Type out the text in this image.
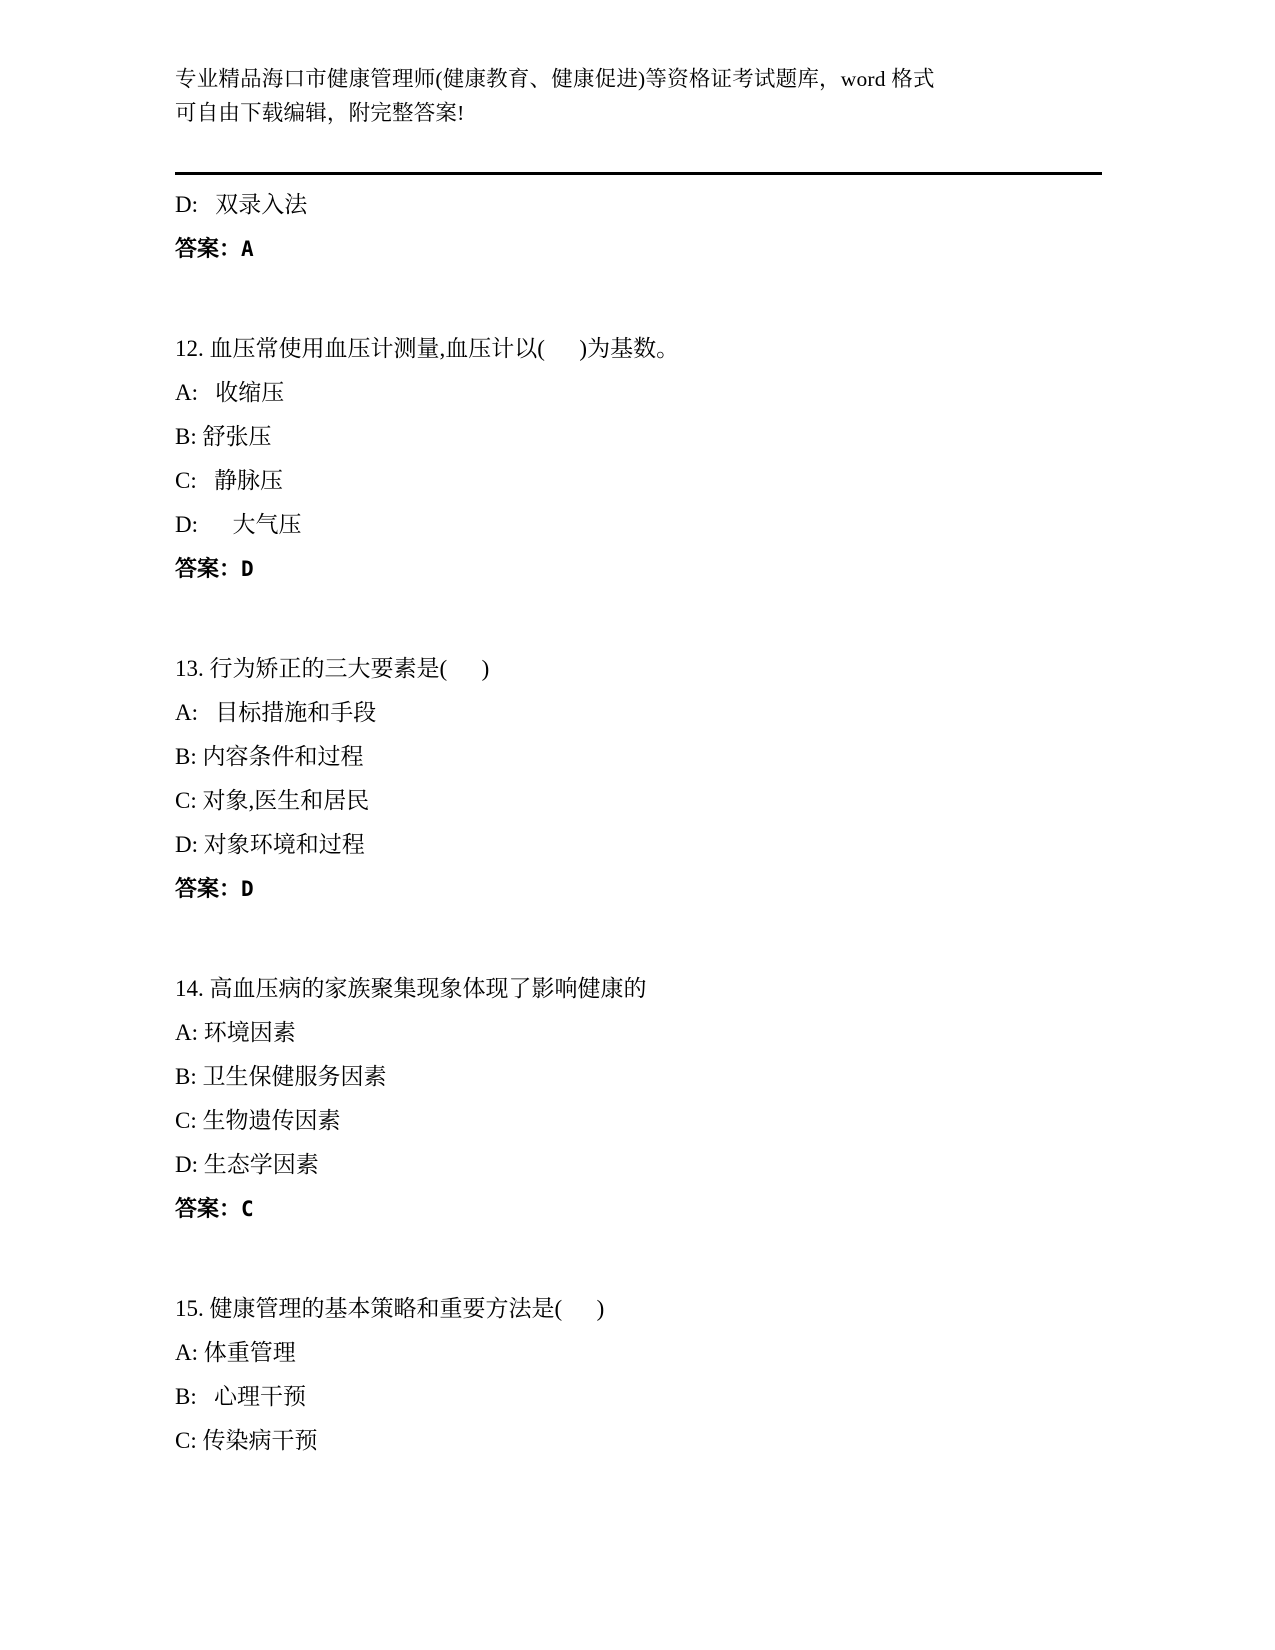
专业精品海口市健康管理师(健康教育、健康促进)等资格证考试题库，word 格式
可自由下载编辑，附完整答案!
D:   双录入法
答案：A
12. 血压常使用血压计测量,血压计以(      )为基数。
A:   收缩压
B: 舒张压
C:   静脉压
D:      大气压
答案：D
13. 行为矫正的三大要素是(      )
A:   目标措施和手段
B: 内容条件和过程
C: 对象,医生和居民
D: 对象环境和过程
答案：D
14. 高血压病的家族聚集现象体现了影响健康的
A: 环境因素
B: 卫生保健服务因素
C: 生物遗传因素
D: 生态学因素
答案：C
15. 健康管理的基本策略和重要方法是(      )
A: 体重管理
B:   心理干预
C: 传染病干预
